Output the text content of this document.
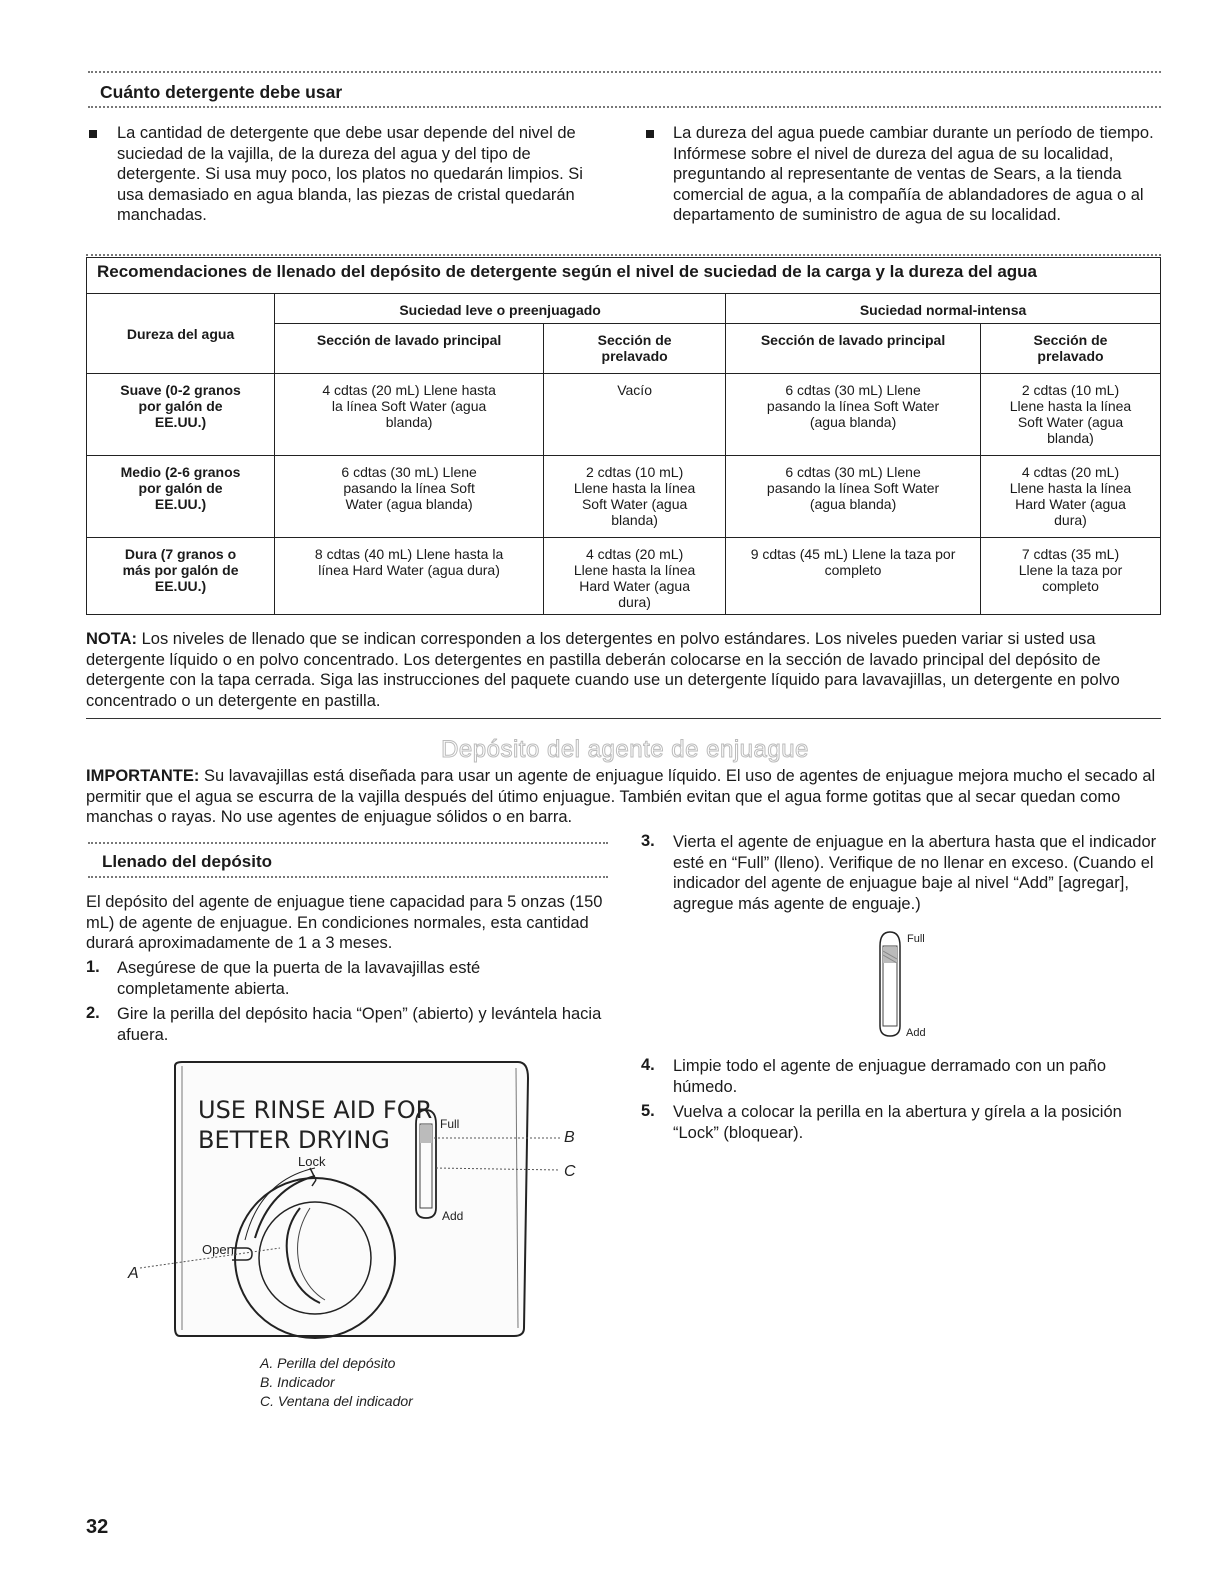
Cuánto detergente debe usar
La cantidad de detergente que debe usar depende del nivel de suciedad de la vajilla, de la dureza del agua y del tipo de detergente. Si usa muy poco, los platos no quedarán limpios. Si usa demasiado en agua blanda, las piezas de cristal quedarán manchadas.
La dureza del agua puede cambiar durante un período de tiempo. Infórmese sobre el nivel de dureza del agua de su localidad, preguntando al representante de ventas de Sears, a la tienda comercial de agua, a la compañía de ablandadores de agua o al departamento de suministro de agua de su localidad.
Recomendaciones de llenado del depósito de detergente según el nivel de suciedad de la carga y la dureza del agua				
Dureza del agua	Suciedad leve o preenjuagado		Suciedad normal-intensa	
	Sección de lavado principal	Sección de prelavado	Sección de lavado principal	Sección de prelavado
Suave (0-2 granos por galón de EE.UU.)	4 cdtas (20 mL) Llene hasta la línea Soft Water (agua blanda)	Vacío	6 cdtas (30 mL) Llene pasando la línea Soft Water (agua blanda)	2 cdtas (10 mL) Llene hasta la línea Soft Water (agua blanda)
Medio (2-6 granos por galón de EE.UU.)	6 cdtas (30 mL) Llene pasando la línea Soft Water (agua blanda)	2 cdtas (10 mL) Llene hasta la línea Soft Water (agua blanda)	6 cdtas (30 mL) Llene pasando la línea Soft Water (agua blanda)	4 cdtas (20 mL) Llene hasta la línea Hard Water (agua dura)
Dura (7 granos o más por galón de EE.UU.)	8 cdtas (40 mL) Llene hasta la línea Hard Water (agua dura)	4 cdtas (20 mL) Llene hasta la línea Hard Water (agua dura)	9 cdtas (45 mL) Llene la taza por completo	7 cdtas (35 mL) Llene la taza por completo
NOTA: Los niveles de llenado que se indican corresponden a los detergentes en polvo estándares. Los niveles pueden variar si usted usa detergente líquido o en polvo concentrado. Los detergentes en pastilla deberán colocarse en la sección de lavado principal del depósito de detergente con la tapa cerrada. Siga las instrucciones del paquete cuando use un detergente líquido para lavavajillas, un detergente en polvo concentrado o un detergente en pastilla.
Depósito del agente de enjuague
IMPORTANTE: Su lavavajillas está diseñada para usar un agente de enjuague líquido. El uso de agentes de enjuague mejora mucho el secado al permitir que el agua se escurra de la vajilla después del útimo enjuague. También evitan que el agua forme gotitas que al secar quedan como manchas o rayas. No use agentes de enjuague sólidos o en barra.
Llenado del depósito
El depósito del agente de enjuague tiene capacidad para 5 onzas (150 mL) de agente de enjuague. En condiciones normales, esta cantidad durará aproximadamente de 1 a 3 meses.
1. Asegúrese de que la puerta de la lavavajillas esté completamente abierta.
2. Gire la perilla del depósito hacia “Open” (abierto) y levántela hacia afuera.
3. Vierta el agente de enjuague en la abertura hasta que el indicador esté en “Full” (lleno). Verifique de no llenar en exceso. (Cuando el indicador del agente de enjuague baje al nivel “Add” [agregar], agregue más agente de enguaje.)
Full
Add
4. Limpie todo el agente de enjuague derramado con un paño húmedo.
5. Vuelva a colocar la perilla en la abertura y gírela a la posición “Lock” (bloquear).
USE RINSE AID FOR
BETTER DRYING
Lock
Open
Full
Add
B
C
A
A. Perilla del depósito
B. Indicador
C. Ventana del indicador
32
